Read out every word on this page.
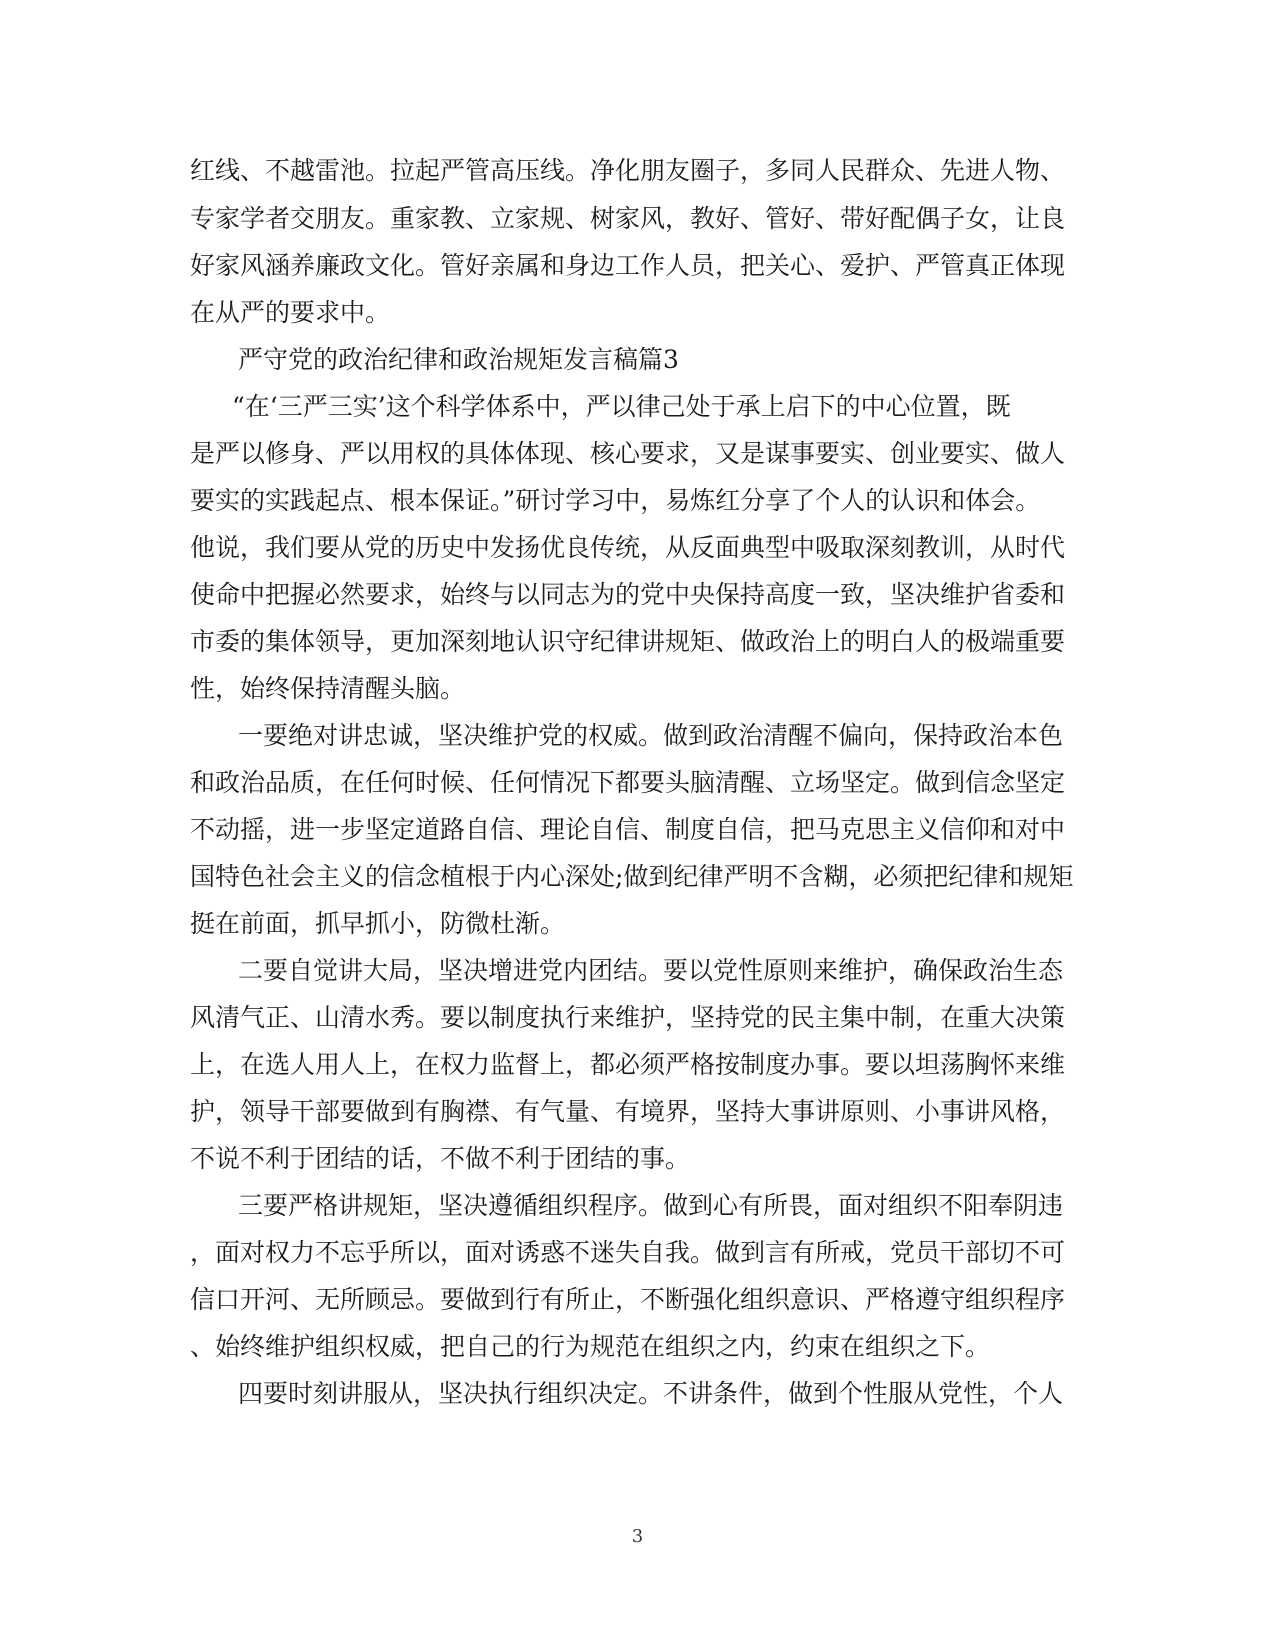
红线、不越雷池。拉起严管高压线。净化朋友圈子，多同人民群众、先进人物、
专家学者交朋友。重家教、立家规、树家风，教好、管好、带好配偶子女，让良
好家风涵养廉政文化。管好亲属和身边工作人员，把关心、爱护、严管真正体现
在从严的要求中。
严守党的政治纪律和政治规矩发言稿篇3
“在‘三严三实’这个科学体系中，严以律己处于承上启下的中心位置，既
是严以修身、严以用权的具体体现、核心要求，又是谋事要实、创业要实、做人
要实的实践起点、根本保证。”研讨学习中，易炼红分享了个人的认识和体会。
他说，我们要从党的历史中发扬优良传统，从反面典型中吸取深刻教训，从时代
使命中把握必然要求，始终与以同志为的党中央保持高度一致，坚决维护省委和
市委的集体领导，更加深刻地认识守纪律讲规矩、做政治上的明白人的极端重要
性，始终保持清醒头脑。
一要绝对讲忠诚，坚决维护党的权威。做到政治清醒不偏向，保持政治本色
和政治品质，在任何时候、任何情况下都要头脑清醒、立场坚定。做到信念坚定
不动摇，进一步坚定道路自信、理论自信、制度自信，把马克思主义信仰和对中
国特色社会主义的信念植根于内心深处;做到纪律严明不含糊，必须把纪律和规矩
挺在前面，抓早抓小，防微杜渐。
二要自觉讲大局，坚决增进党内团结。要以党性原则来维护，确保政治生态
风清气正、山清水秀。要以制度执行来维护，坚持党的民主集中制，在重大决策
上，在选人用人上，在权力监督上，都必须严格按制度办事。要以坦荡胸怀来维
护，领导干部要做到有胸襟、有气量、有境界，坚持大事讲原则、小事讲风格，
不说不利于团结的话，不做不利于团结的事。
三要严格讲规矩，坚决遵循组织程序。做到心有所畏，面对组织不阳奉阴违
，面对权力不忘乎所以，面对诱惑不迷失自我。做到言有所戒，党员干部切不可
信口开河、无所顾忌。要做到行有所止，不断强化组织意识、严格遵守组织程序
、始终维护组织权威，把自己的行为规范在组织之内，约束在组织之下。
四要时刻讲服从，坚决执行组织决定。不讲条件，做到个性服从党性，个人
3
